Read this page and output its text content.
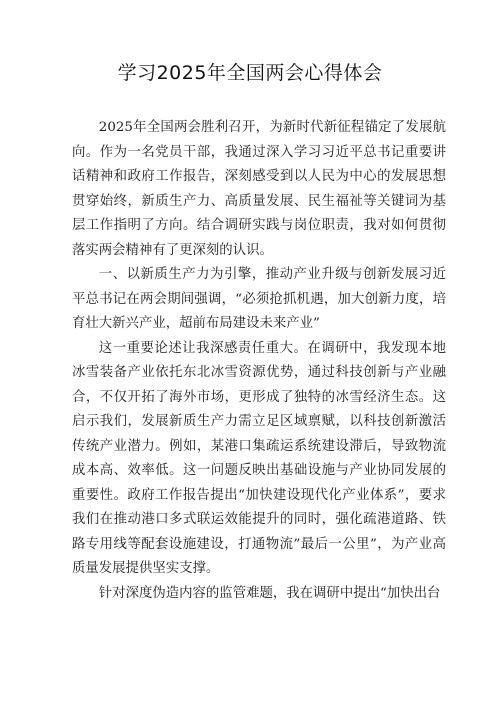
学习2025年全国两会心得体会

2025年全国两会胜利召开，为新时代新征程锚定了发展航向。作为一名党员干部，我通过深入学习习近平总书记重要讲话精神和政府工作报告，深刻感受到以人民为中心的发展思想贯穿始终，新质生产力、高质量发展、民生福祉等关键词为基层工作指明了方向。结合调研实践与岗位职责，我对如何贯彻落实两会精神有了更深刻的认识。

一、以新质生产力为引擎，推动产业升级与创新发展习近平总书记在两会期间强调，“必须抢抓机遇，加大创新力度，培育壮大新兴产业，超前布局建设未来产业”

这一重要论述让我深感责任重大。在调研中，我发现本地冰雪装备产业依托东北冰雪资源优势，通过科技创新与产业融合，不仅开拓了海外市场，更形成了独特的冰雪经济生态。这启示我们，发展新质生产力需立足区域禀赋，以科技创新激活传统产业潜力。例如，某港口集疏运系统建设滞后，导致物流成本高、效率低。这一问题反映出基础设施与产业协同发展的重要性。政府工作报告提出“加快建设现代化产业体系”，要求我们在推动港口多式联运效能提升的同时，强化疏港道路、铁路专用线等配套设施建设，打通物流”最后一公里”，为产业高质量发展提供坚实支撑。

针对深度伪造内容的监管难题，我在调研中提出“加快出台
